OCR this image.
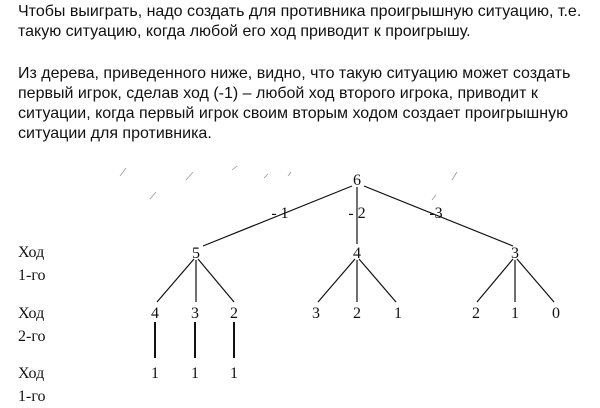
Чтобы выиграть, надо создать для противника проигрышную ситуацию, т.е.
такую ситуацию, когда любой его ход приводит к проигрышу.
Из дерева, приведенного ниже, видно, что такую ситуацию может создать
первый игрок, сделав ход (-1) – любой ход второго игрока, приводит к
ситуации, когда первый игрок своим вторым ходом создает проигрышную
ситуации для противника.
Ход
1-го
Ход
2-го
Ход
1-го
6
- 1	- 2	-3
5	4	3
4 3 2	3 2 1	2 1 0
1 1 1
